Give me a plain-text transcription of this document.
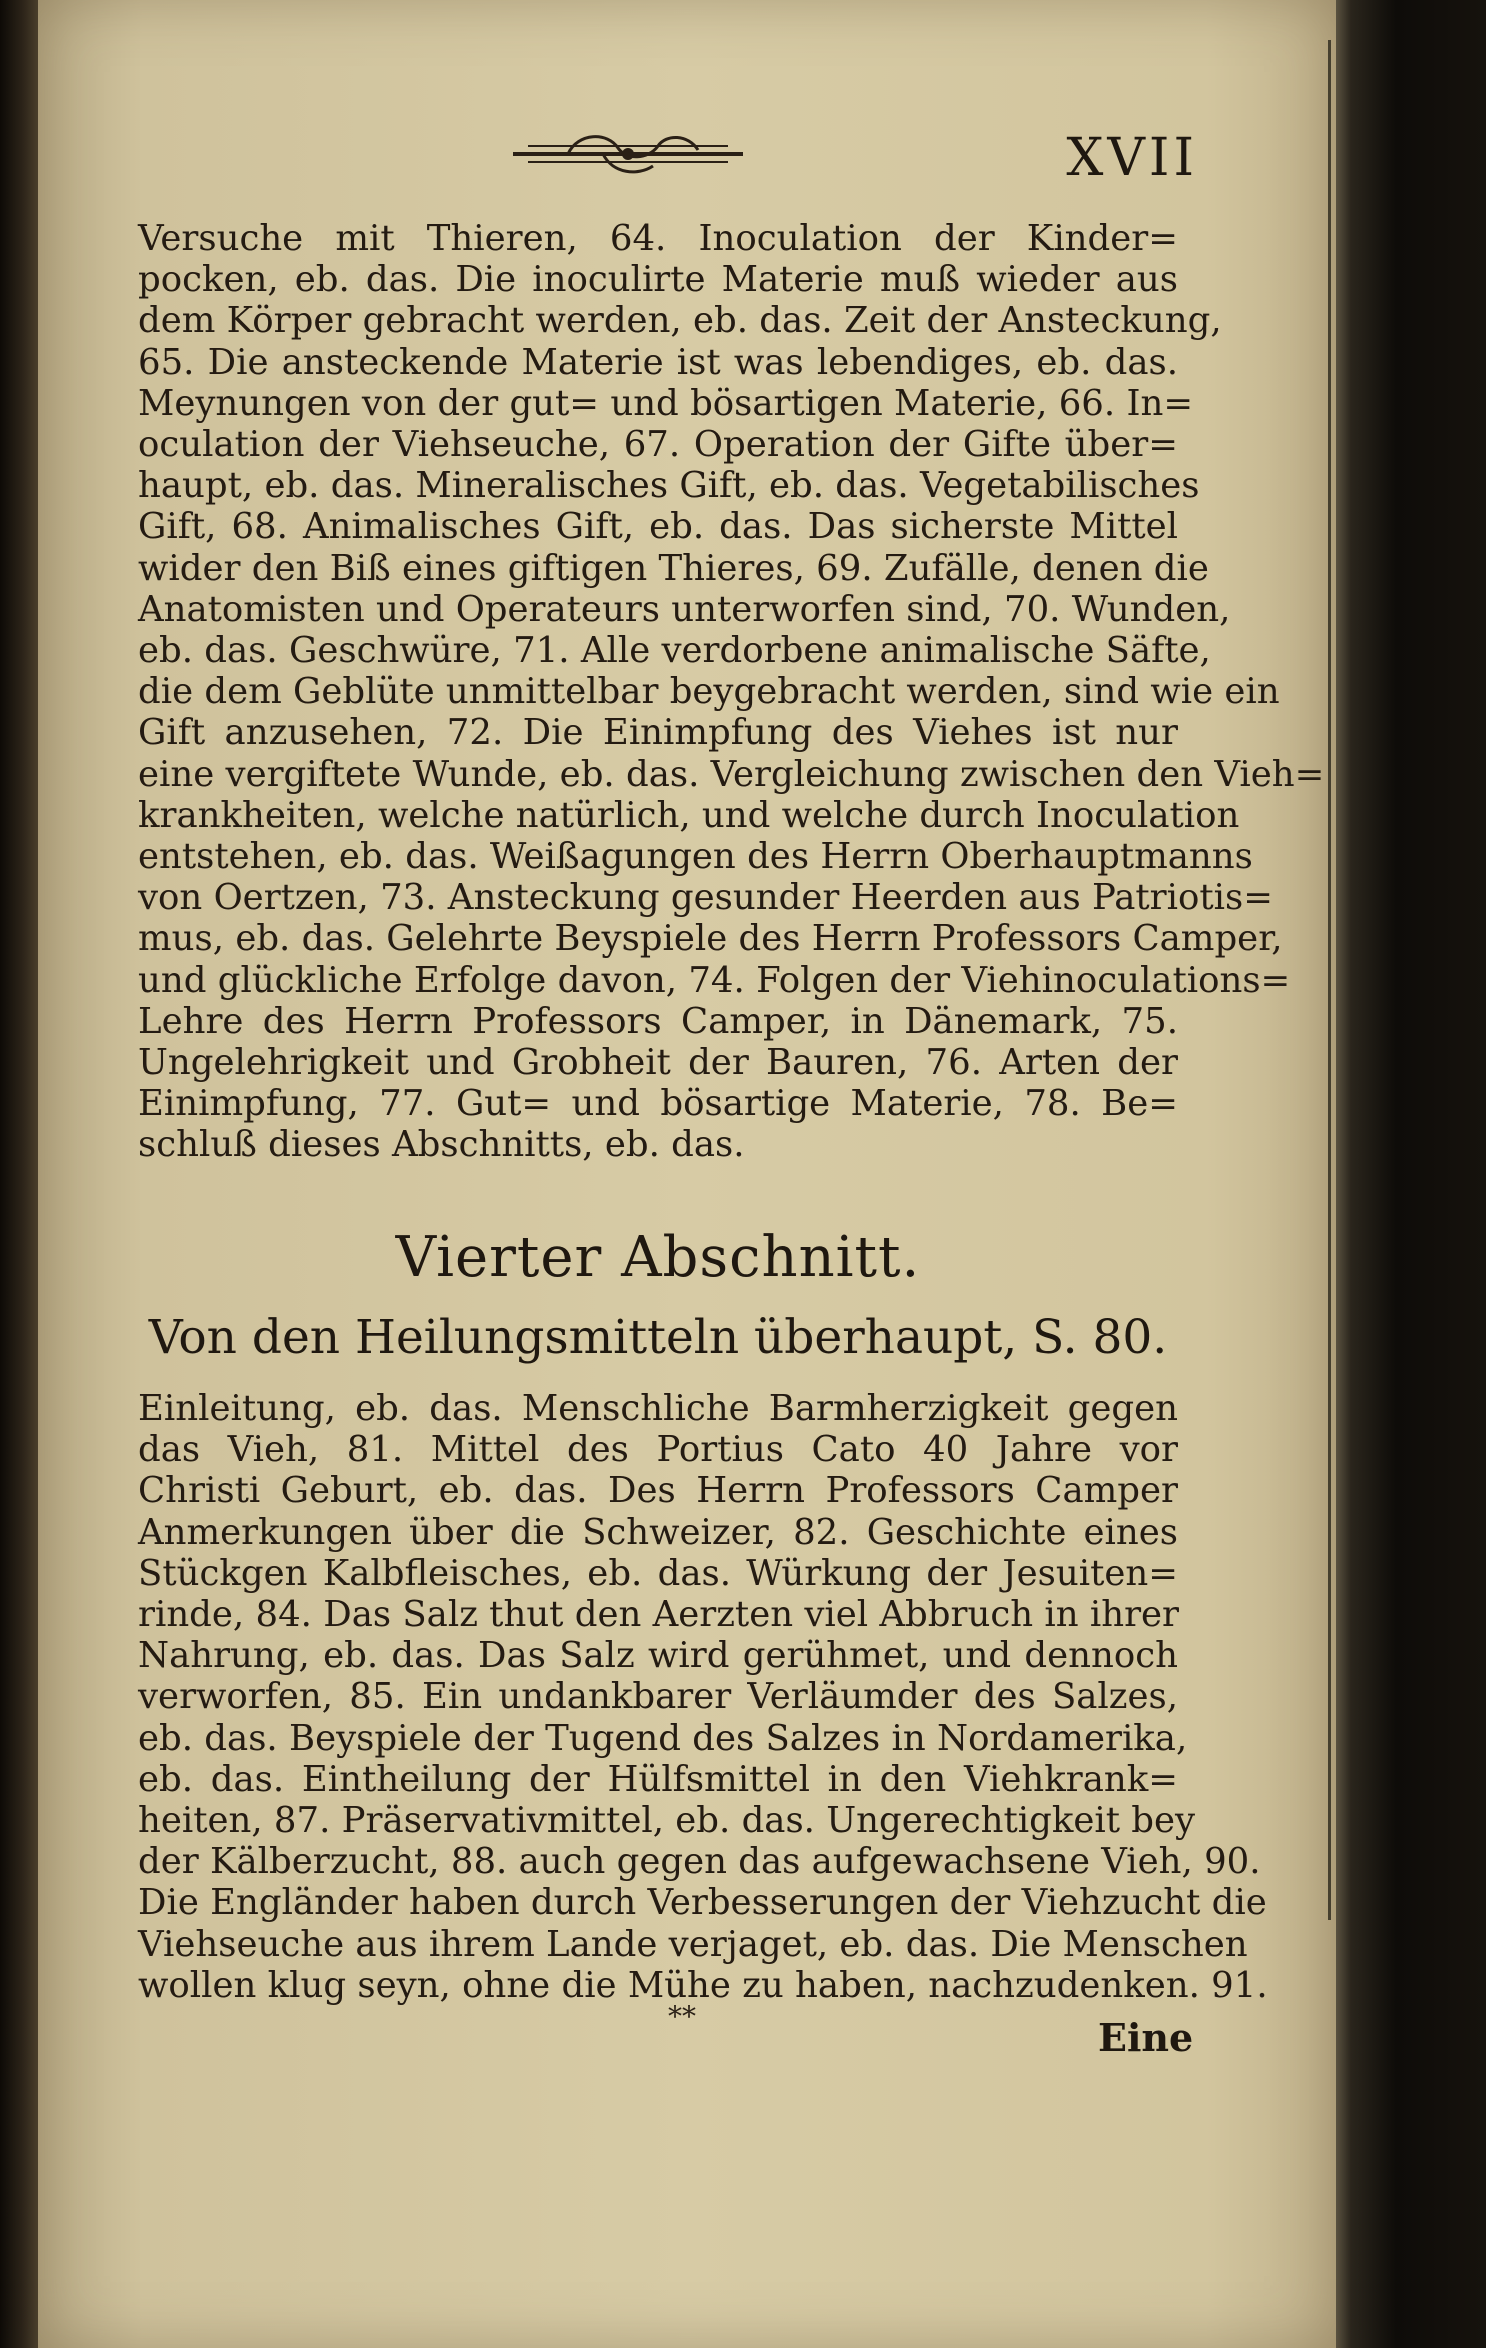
XVII
Versuche mit Thieren, 64. Inoculation der Kinder=
pocken, eb. das. Die inoculirte Materie muß wieder aus
dem Körper gebracht werden, eb. das. Zeit der Ansteckung,
65. Die ansteckende Materie ist was lebendiges, eb. das.
Meynungen von der gut= und bösartigen Materie, 66. In=
oculation der Viehseuche, 67. Operation der Gifte über=
haupt, eb. das. Mineralisches Gift, eb. das. Vegetabilisches
Gift, 68. Animalisches Gift, eb. das. Das sicherste Mittel
wider den Biß eines giftigen Thieres, 69. Zufälle, denen die
Anatomisten und Operateurs unterworfen sind, 70. Wunden,
eb. das. Geschwüre, 71. Alle verdorbene animalische Säfte,
die dem Geblüte unmittelbar beygebracht werden, sind wie ein
Gift anzusehen, 72. Die Einimpfung des Viehes ist nur
eine vergiftete Wunde, eb. das. Vergleichung zwischen den Vieh=
krankheiten, welche natürlich, und welche durch Inoculation
entstehen, eb. das. Weißagungen des Herrn Oberhauptmanns
von Oertzen, 73. Ansteckung gesunder Heerden aus Patriotis=
mus, eb. das. Gelehrte Beyspiele des Herrn Professors Camper,
und glückliche Erfolge davon, 74. Folgen der Viehinoculations=
Lehre des Herrn Professors Camper, in Dänemark, 75.
Ungelehrigkeit und Grobheit der Bauren, 76. Arten der
Einimpfung, 77. Gut= und bösartige Materie, 78. Be=
schluß dieses Abschnitts, eb. das.
Vierter Abschnitt.
Von den Heilungsmitteln überhaupt, S. 80.
Einleitung, eb. das. Menschliche Barmherzigkeit gegen
das Vieh, 81. Mittel des Portius Cato 40 Jahre vor
Christi Geburt, eb. das. Des Herrn Professors Camper
Anmerkungen über die Schweizer, 82. Geschichte eines
Stückgen Kalbfleisches, eb. das. Würkung der Jesuiten=
rinde, 84. Das Salz thut den Aerzten viel Abbruch in ihrer
Nahrung, eb. das. Das Salz wird gerühmet, und dennoch
verworfen, 85. Ein undankbarer Verläumder des Salzes,
eb. das. Beyspiele der Tugend des Salzes in Nordamerika,
eb. das. Eintheilung der Hülfsmittel in den Viehkrank=
heiten, 87. Präservativmittel, eb. das. Ungerechtigkeit bey
der Kälberzucht, 88. auch gegen das aufgewachsene Vieh, 90.
Die Engländer haben durch Verbesserungen der Viehzucht die
Viehseuche aus ihrem Lande verjaget, eb. das. Die Menschen
wollen klug seyn, ohne die Mühe zu haben, nachzudenken. 91.
**	Eine
